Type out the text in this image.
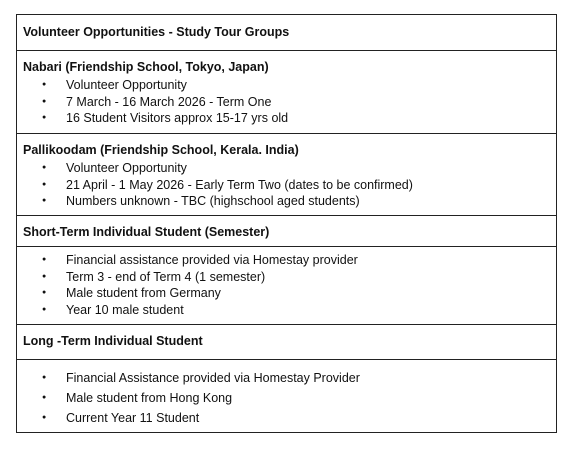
Volunteer Opportunities - Study Tour Groups
Nabari (Friendship School, Tokyo, Japan)
● Volunteer Opportunity
● 7 March - 16 March 2026 - Term One
● 16 Student Visitors approx 15-17 yrs old
Pallikoodam (Friendship School, Kerala. India)
● Volunteer Opportunity
● 21 April - 1 May 2026 - Early Term Two (dates to be confirmed)
● Numbers unknown - TBC (highschool aged students)
Short-Term Individual Student (Semester)
● Financial assistance provided via Homestay provider
● Term 3 - end of Term 4 (1 semester)
● Male student from Germany
● Year 10 male student
Long -Term Individual Student
● Financial Assistance provided via Homestay Provider
● Male student from Hong Kong
● Current Year 11 Student
